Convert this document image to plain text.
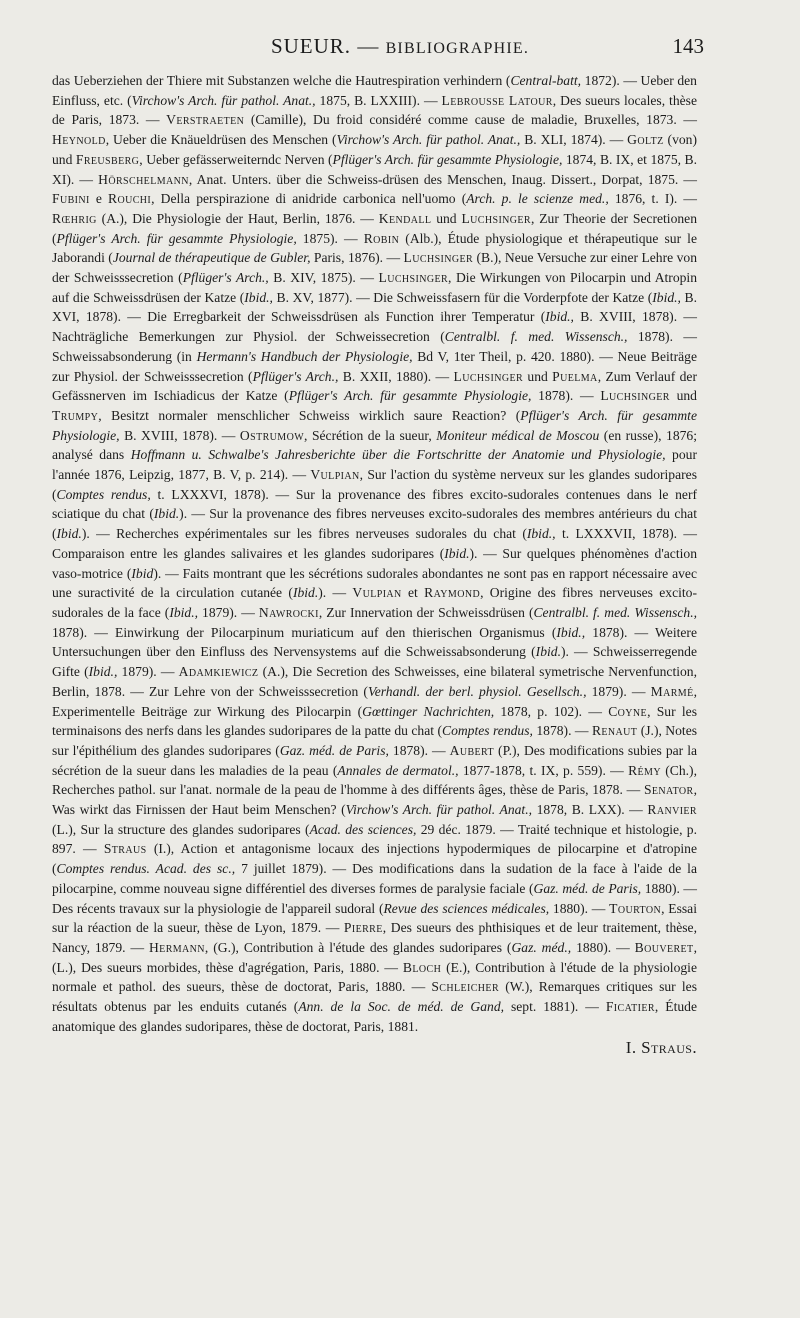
SUEUR. — BIBLIOGRAPHIE.	143

das Ueberziehen der Thiere mit Substanzen welche die Hautrespiration verhindern (Central-batt, 1872). — Ueber den Einfluss, etc. (Virchow's Arch. für pathol. Anat., 1875, B. LXXIII). — Lebrousse Latour, Des sueurs locales, thèse de Paris, 1873. — Verstraeten (Camille), Du froid considéré comme cause de maladie, Bruxelles, 1873. — Heynold, Ueber die Knäueldrüsen des Menschen (Virchow's Arch. für pathol. Anat., B. XLI, 1874). — Goltz (von) und Freusberg, Ueber gefässerweiterndc Nerven (Pflüger's Arch. für gesammte Physiologie, 1874, B. IX, et 1875, B. XI). — Hörschelmann, Anat. Unters. über die Schweiss-drüsen des Menschen, Inaug. Dissert., Dorpat, 1875. — Fubini e Rouchi, Della perspirazione di anidride carbonica nell'uomo (Arch. p. le scienze med., 1876, t. I). — Rœhrig (A.), Die Physiologie der Haut, Berlin, 1876. — Kendall und Luchsinger, Zur Theorie der Secretionen (Pflüger's Arch. für gesammte Physiologie, 1875). — Robin (Alb.), Étude physiologique et thérapeutique sur le Jaborandi (Journal de thérapeutique de Gubler, Paris, 1876). — Luchsinger (B.), Neue Versuche zur einer Lehre von der Schweisssecretion (Pflüger's Arch., B. XIV, 1875). — Luchsinger, Die Wirkungen von Pilocarpin und Atropin auf die Schweissdrüsen der Katze (Ibid., B. XV, 1877). — Die Schweissfasern für die Vorderpfote der Katze (Ibid., B. XVI, 1878). — Die Erregbarkeit der Schweissdrüsen als Function ihrer Temperatur (Ibid., B. XVIII, 1878). — Nachträgliche Bemerkungen zur Physiol. der Schweissecretion (Centralbl. f. med. Wissensch., 1878). — Schweissabsonderung (in Hermann's Handbuch der Physiologie, Bd V, 1ter Theil, p. 420. 1880). — Neue Beiträge zur Physiol. der Schweisssecretion (Pflüger's Arch., B. XXII, 1880). — Luchsinger und Puelma, Zum Verlauf der Gefässnerven im Ischiadicus der Katze (Pflüger's Arch. für gesammte Physiologie, 1878). — Luchsinger und Trumpy, Besitzt normaler menschlicher Schweiss wirklich saure Reaction? (Pflüger's Arch. für gesammte Physiologie, B. XVIII, 1878). — Ostrumow, Sécrétion de la sueur, Moniteur médical de Moscou (en russe), 1876; analysé dans Hoffmann u. Schwalbe's Jahresberichte über die Fortschritte der Anatomie und Physiologie, pour l'année 1876, Leipzig, 1877, B. V, p. 214). — Vulpian, Sur l'action du système nerveux sur les glandes sudoripares (Comptes rendus, t. LXXXVI, 1878). — Sur la provenance des fibres excito-sudorales contenues dans le nerf sciatique du chat (Ibid.). — Sur la provenance des fibres nerveuses excito-sudorales des membres antérieurs du chat (Ibid.). — Recherches expérimentales sur les fibres nerveuses sudorales du chat (Ibid., t. LXXXVII, 1878). — Comparaison entre les glandes salivaires et les glandes sudoripares (Ibid.). — Sur quelques phénomènes d'action vaso-motrice (Ibid). — Faits montrant que les sécrétions sudorales abondantes ne sont pas en rapport nécessaire avec une suractivité de la circulation cutanée (Ibid.). — Vulpian et Raymond, Origine des fibres nerveuses excito-sudorales de la face (Ibid., 1879). — Nawrocki, Zur Innervation der Schweissdrüsen (Centralbl. f. med. Wissensch., 1878). — Einwirkung der Pilocarpinum muriaticum auf den thierischen Organismus (Ibid., 1878). — Weitere Untersuchungen über den Einfluss des Nervensystems auf die Schweissabsonderung (Ibid.). — Schweisserregende Gifte (Ibid., 1879). — Adamkiewicz (A.), Die Secretion des Schweisses, eine bilateral symetrische Nervenfunction, Berlin, 1878. — Zur Lehre von der Schweisssecretion (Verhandl. der berl. physiol. Gesellsch., 1879). — Marmé, Experimentelle Beiträge zur Wirkung des Pilocarpin (Gœttinger Nachrichten, 1878, p. 102). — Coyne, Sur les terminaisons des nerfs dans les glandes sudoripares de la patte du chat (Comptes rendus, 1878). — Renaut (J.), Notes sur l'épithélium des glandes sudoripares (Gaz. méd. de Paris, 1878). — Aubert (P.), Des modifications subies par la sécrétion de la sueur dans les maladies de la peau (Annales de dermatol., 1877-1878, t. IX, p. 559). — Rémy (Ch.), Recherches pathol. sur l'anat. normale de la peau de l'homme à des différents âges, thèse de Paris, 1878. — Senator, Was wirkt das Firnissen der Haut beim Menschen? (Virchow's Arch. für pathol. Anat., 1878, B. LXX). — Ranvier (L.), Sur la structure des glandes sudoripares (Acad. des sciences, 29 déc. 1879. — Traité technique et histologie, p. 897. — Straus (I.), Action et antagonisme locaux des injections hypodermiques de pilocarpine et d'atropine (Comptes rendus. Acad. des sc., 7 juillet 1879). — Des modifications dans la sudation de la face à l'aide de la pilocarpine, comme nouveau signe différentiel des diverses formes de paralysie faciale (Gaz. méd. de Paris, 1880). — Des récents travaux sur la physiologie de l'appareil sudoral (Revue des sciences médicales, 1880). — Tourton, Essai sur la réaction de la sueur, thèse de Lyon, 1879. — Pierre, Des sueurs des phthisiques et de leur traitement, thèse, Nancy, 1879. — Hermann, (G.), Contribution à l'étude des glandes sudoripares (Gaz. méd., 1880). — Bouveret, (L.), Des sueurs morbides, thèse d'agrégation, Paris, 1880. — Bloch (E.), Contribution à l'étude de la physiologie normale et pathol. des sueurs, thèse de doctorat, Paris, 1880. — Schleicher (W.), Remarques critiques sur les résultats obtenus par les enduits cutanés (Ann. de la Soc. de méd. de Gand, sept. 1881). — Ficatier, Étude anatomique des glandes sudoripares, thèse de doctorat, Paris, 1881.

I. Straus.
